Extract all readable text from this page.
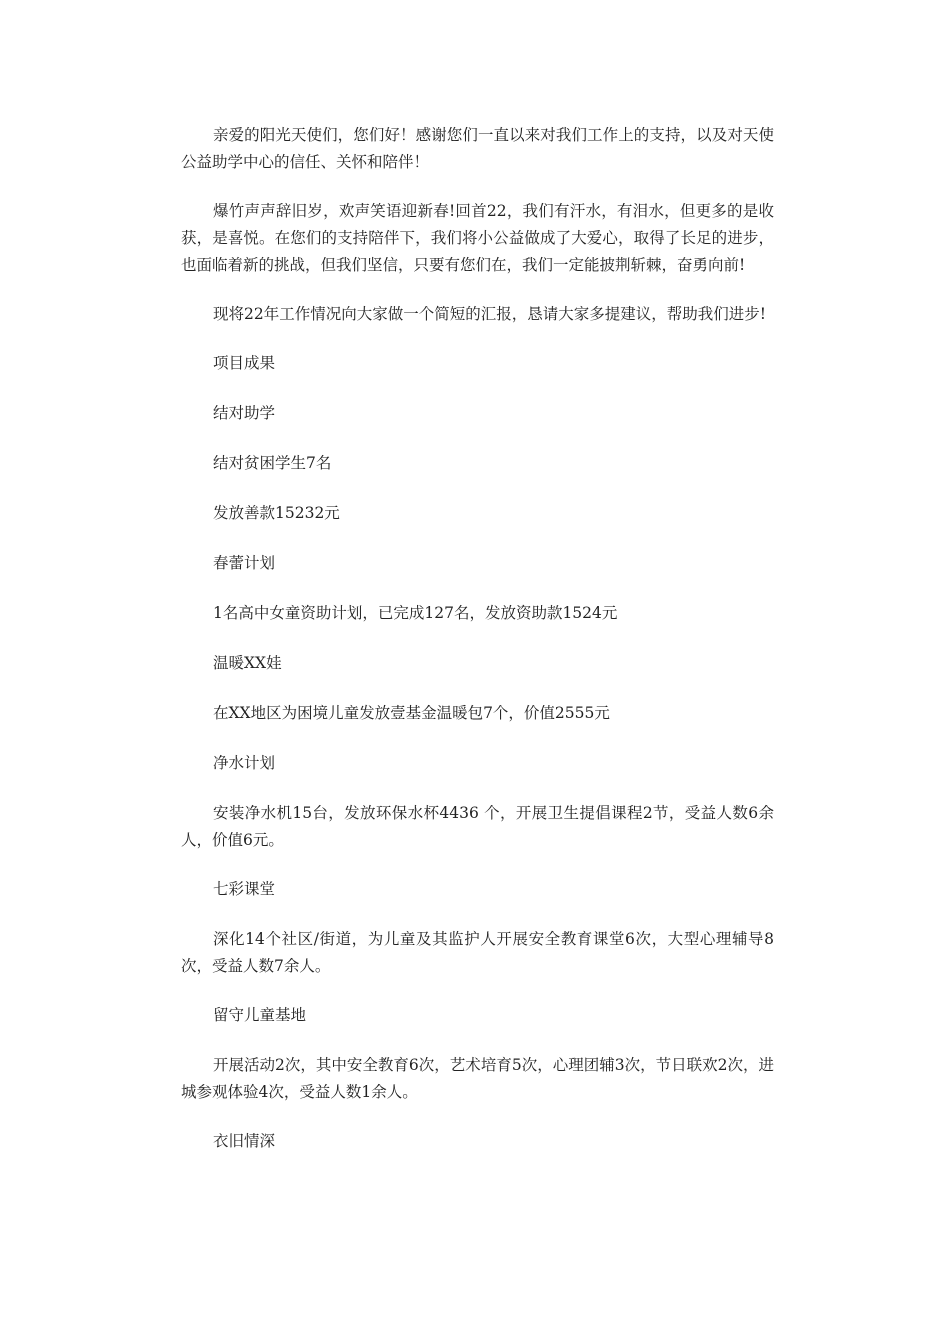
亲爱的阳光天使们，您们好！感谢您们一直以来对我们工作上的支持，以及对天使公益助学中心的信任、关怀和陪伴！

爆竹声声辞旧岁，欢声笑语迎新春!回首22，我们有汗水，有泪水，但更多的是收获，是喜悦。在您们的支持陪伴下，我们将小公益做成了大爱心，取得了长足的进步，也面临着新的挑战，但我们坚信，只要有您们在，我们一定能披荆斩棘，奋勇向前!

现将22年工作情况向大家做一个简短的汇报，恳请大家多提建议，帮助我们进步!

项目成果

结对助学

结对贫困学生7名

发放善款15232元

春蕾计划

1名高中女童资助计划，已完成127名，发放资助款1524元

温暖XX娃

在XX地区为困境儿童发放壹基金温暖包7个，价值2555元

净水计划

安装净水机15台，发放环保水杯4436 个，开展卫生提倡课程2节，受益人数6余人，价值6元。

七彩课堂

深化14个社区/街道，为儿童及其监护人开展安全教育课堂6次，大型心理辅导8次，受益人数7余人。

留守儿童基地

开展活动2次，其中安全教育6次，艺术培育5次，心理团辅3次，节日联欢2次，进城参观体验4次，受益人数1余人。

衣旧情深
